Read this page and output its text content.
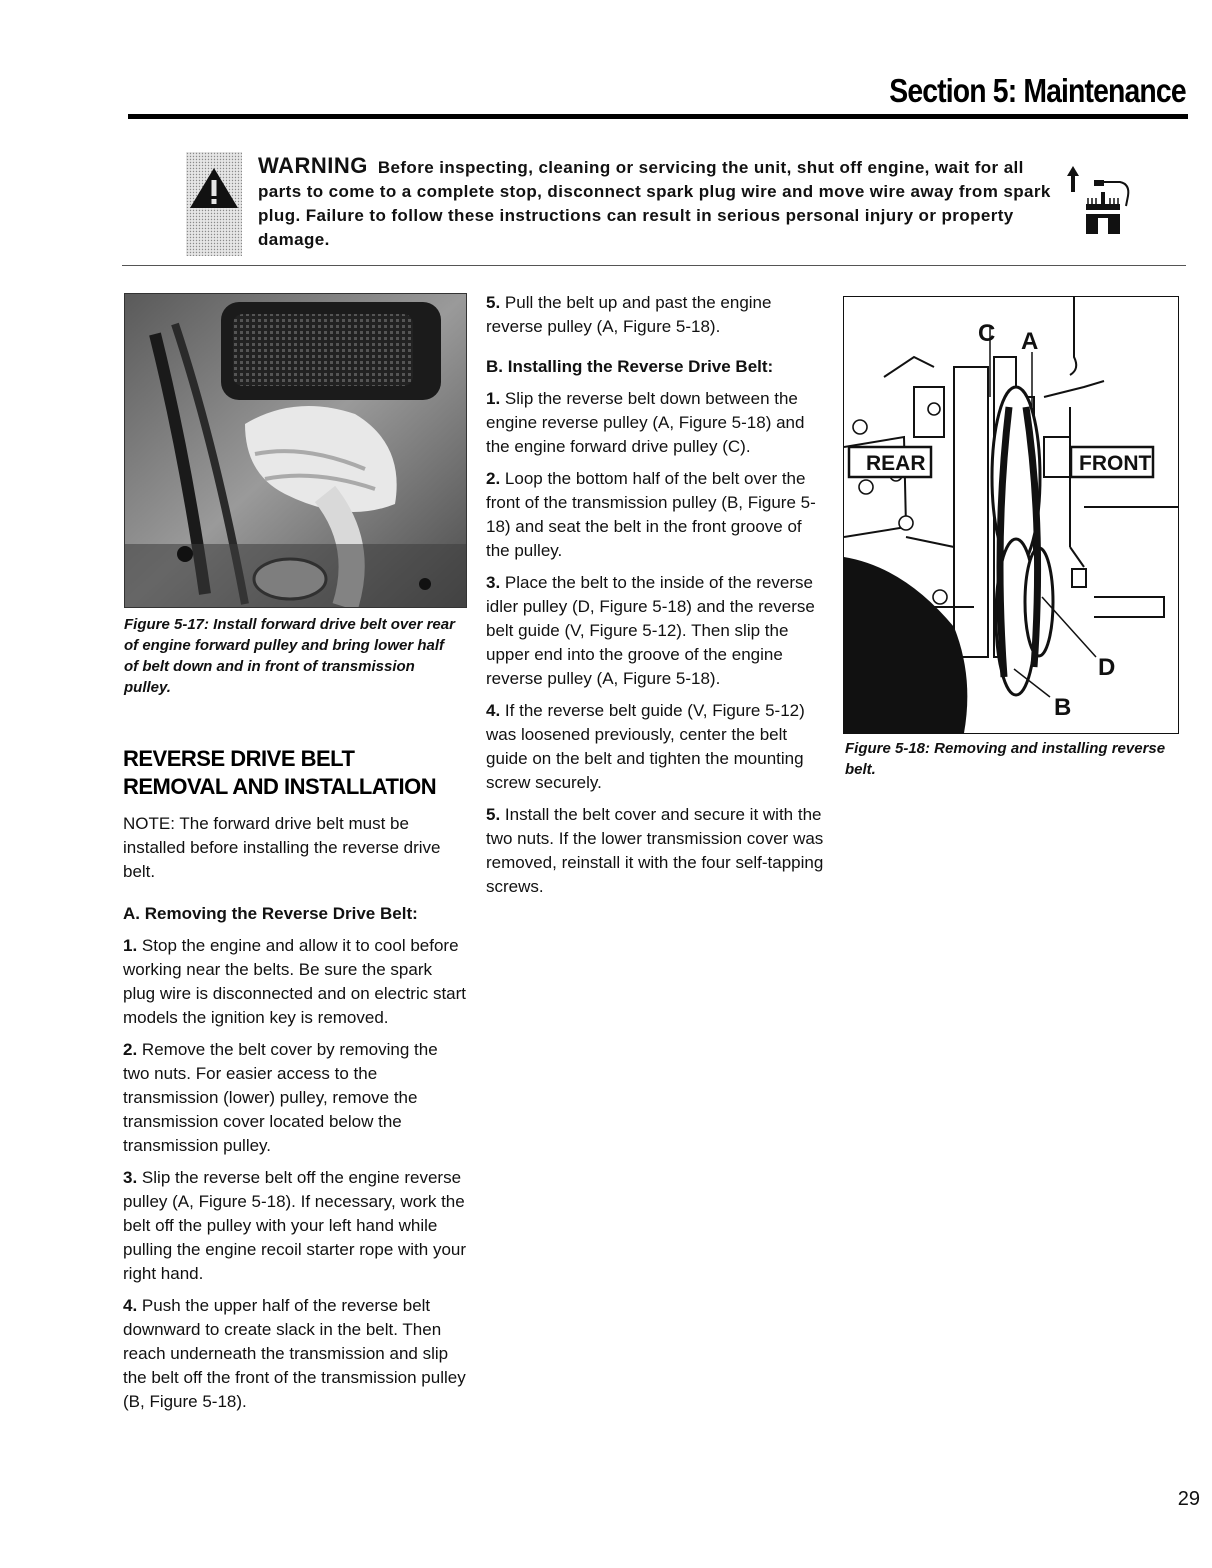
Section 5: Maintenance
WARNING Before inspecting, cleaning or servicing the unit, shut off engine, wait for all parts to come to a complete stop, disconnect spark plug wire and move wire away from spark plug. Failure to follow these instructions can result in serious personal injury or property damage.
Figure 5-17: Install forward drive belt over rear of engine forward pulley and bring lower half of belt down and in front of transmission pulley.
REVERSE DRIVE BELT REMOVAL AND INSTALLATION

NOTE: The forward drive belt must be installed before installing the reverse drive belt.

A. Removing the Reverse Drive Belt:

1. Stop the engine and allow it to cool before working near the belts. Be sure the spark plug wire is disconnected and on electric start models the ignition key is removed.

2. Remove the belt cover by removing the two nuts. For easier access to the transmission (lower) pulley, remove the transmission cover located below the transmission pulley.

3. Slip the reverse belt off the engine reverse pulley (A, Figure 5-18). If necessary, work the belt off the pulley with your left hand while pulling the engine recoil starter rope with your right hand.

4. Push the upper half of the reverse belt downward to create slack in the belt. Then reach underneath the transmission and slip the belt off the front of the transmission pulley (B, Figure 5-18).

5. Pull the belt up and past the engine reverse pulley (A, Figure 5-18).

B. Installing the Reverse Drive Belt:

1. Slip the reverse belt down between the engine reverse pulley (A, Figure 5-18) and the engine forward drive pulley (C).

2. Loop the bottom half of the belt over the front of the transmission pulley (B, Figure 5-18) and seat the belt in the front groove of the pulley.

3. Place the belt to the inside of the reverse idler pulley (D, Figure 5-18) and the reverse belt guide (V, Figure 5-12). Then slip the upper end into the groove of the engine reverse pulley (A, Figure 5-18).

4. If the reverse belt guide (V, Figure 5-12) was loosened previously, center the belt guide on the belt and tighten the mounting screw securely.

5. Install the belt cover and secure it with the two nuts. If the lower transmission cover was removed, reinstall it with the four self-tapping screws.

C A
REAR	FRONT
D
B
Figure 5-18: Removing and installing reverse belt.
29
